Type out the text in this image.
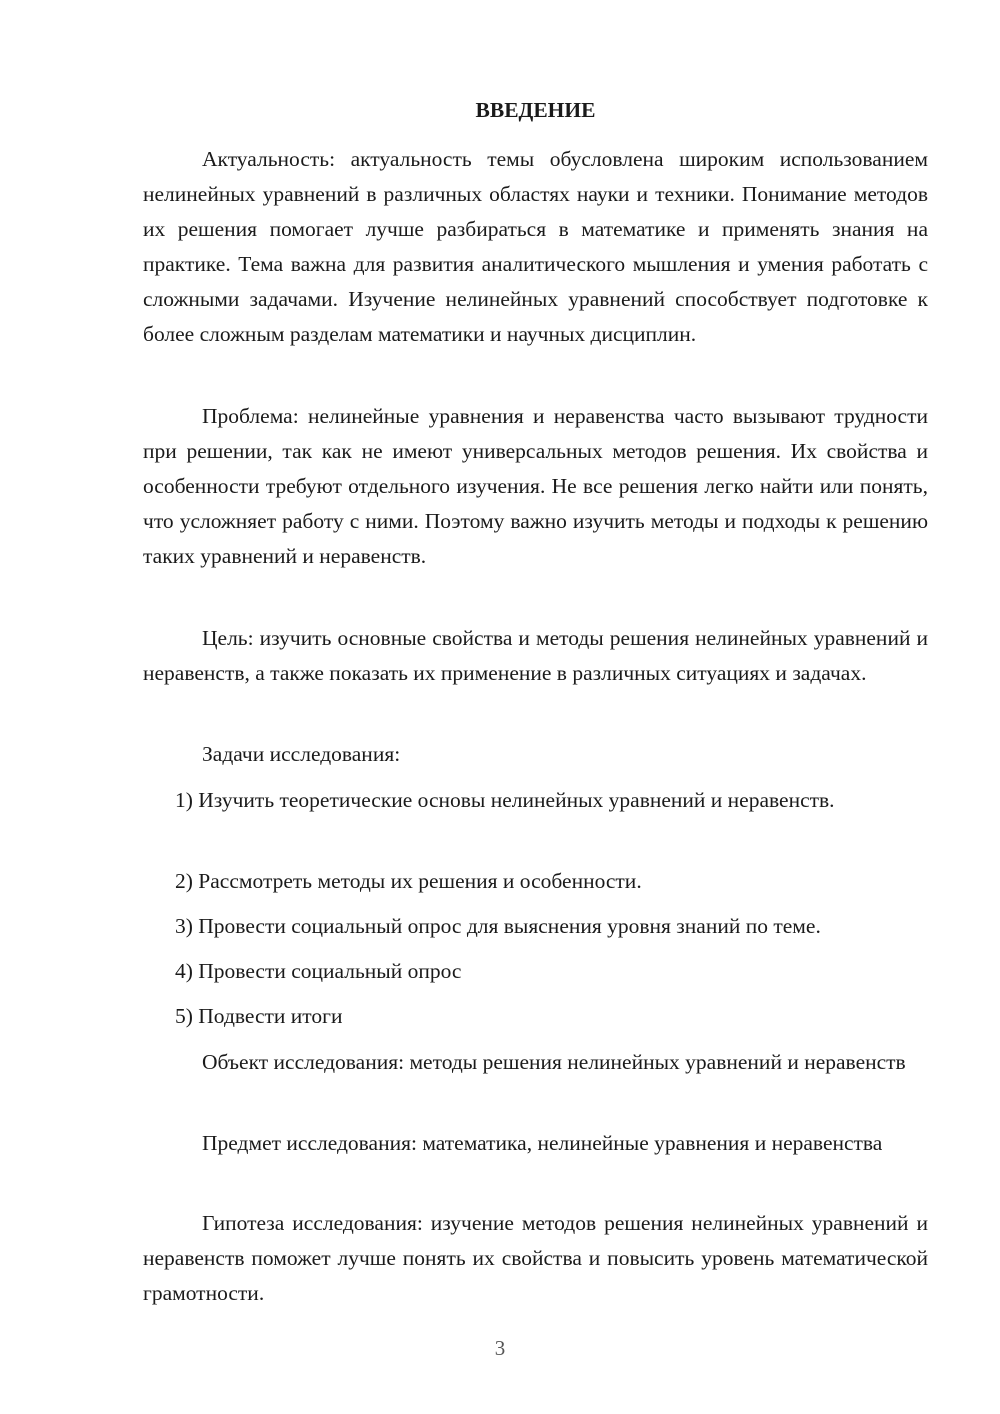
ВВЕДЕНИЕ

Актуальность: актуальность темы обусловлена широким использованием нелинейных уравнений в различных областях науки и техники. Понимание методов их решения помогает лучше разбираться в математике и применять знания на практике. Тема важна для развития аналитического мышления и умения работать с сложными задачами. Изучение нелинейных уравнений способствует подготовке к более сложным разделам математики и научных дисциплин.

Проблема: нелинейные уравнения и неравенства часто вызывают трудности при решении, так как не имеют универсальных методов решения. Их свойства и особенности требуют отдельного изучения. Не все решения легко найти или понять, что усложняет работу с ними. Поэтому важно изучить методы и подходы к решению таких уравнений и неравенств.

Цель: изучить основные свойства и методы решения нелинейных уравнений и неравенств, а также показать их применение в различных ситуациях и задачах.

Задачи исследования:

1) Изучить теоретические основы нелинейных уравнений и неравенств.

2) Рассмотреть методы их решения и особенности.

3) Провести социальный опрос для выяснения уровня знаний по теме.

4) Провести социальный опрос

5) Подвести итоги

Объект исследования: методы решения нелинейных уравнений и неравенств

Предмет исследования: математика, нелинейные уравнения и неравенства

Гипотеза исследования: изучение методов решения нелинейных уравнений и неравенств поможет лучше понять их свойства и повысить уровень математической грамотности.

3
